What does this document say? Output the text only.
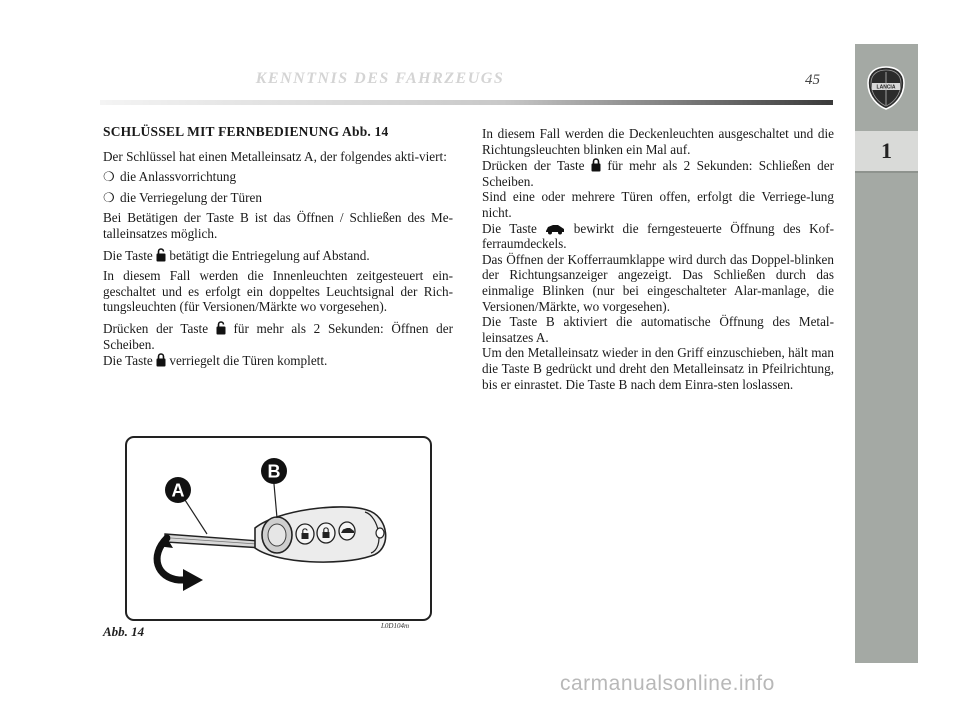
KENNTNIS DES FAHRZEUGS	45	LANCIA
1
SCHLÜSSEL MIT FERNBEDIENUNG Abb. 14

Der Schlüssel hat einen Metalleinsatz A, der folgendes akti-viert:

❍ die Anlassvorrichtung
❍ die Verriegelung der Türen

Bei Betätigen der Taste B ist das Öffnen / Schließen des Me-talleinsatzes möglich.

Die Taste betätigt die Entriegelung auf Abstand.

In diesem Fall werden die Innenleuchten zeitgesteuert ein-geschaltet und es erfolgt ein doppeltes Leuchtsignal der Rich-tungsleuchten (für Versionen/Märkte wo vorgesehen).

Drücken der Taste für mehr als 2 Sekunden: Öffnen der Scheiben.

Die Taste verriegelt die Türen komplett.

In diesem Fall werden die Deckenleuchten ausgeschaltet und die Richtungsleuchten blinken ein Mal auf.

Drücken der Taste für mehr als 2 Sekunden: Schließen der Scheiben.

Sind eine oder mehrere Türen offen, erfolgt die Verriege-lung nicht.

Die Taste	bewirkt die ferngesteuerte Öffnung des Kof-ferraumdeckels.

Das Öffnen der Kofferraumklappe wird durch das Doppel-blinken der Richtungsanzeiger angezeigt. Das Schließen durch das einmalige Blinken (nur bei eingeschalteter Alar-manlage, die Versionen/Märkte, wo vorgesehen).

Die Taste B aktiviert die automatische Öffnung des Metal-leinsatzes A.

Um den Metalleinsatz wieder in den Griff einzuschieben, hält man die Taste B gedrückt und dreht den Metalleinsatz in Pfeilrichtung, bis er einrastet. Die Taste B nach dem Einra-sten loslassen.

A
B
Abb. 14	L0D104m
carmanualsonline.info
